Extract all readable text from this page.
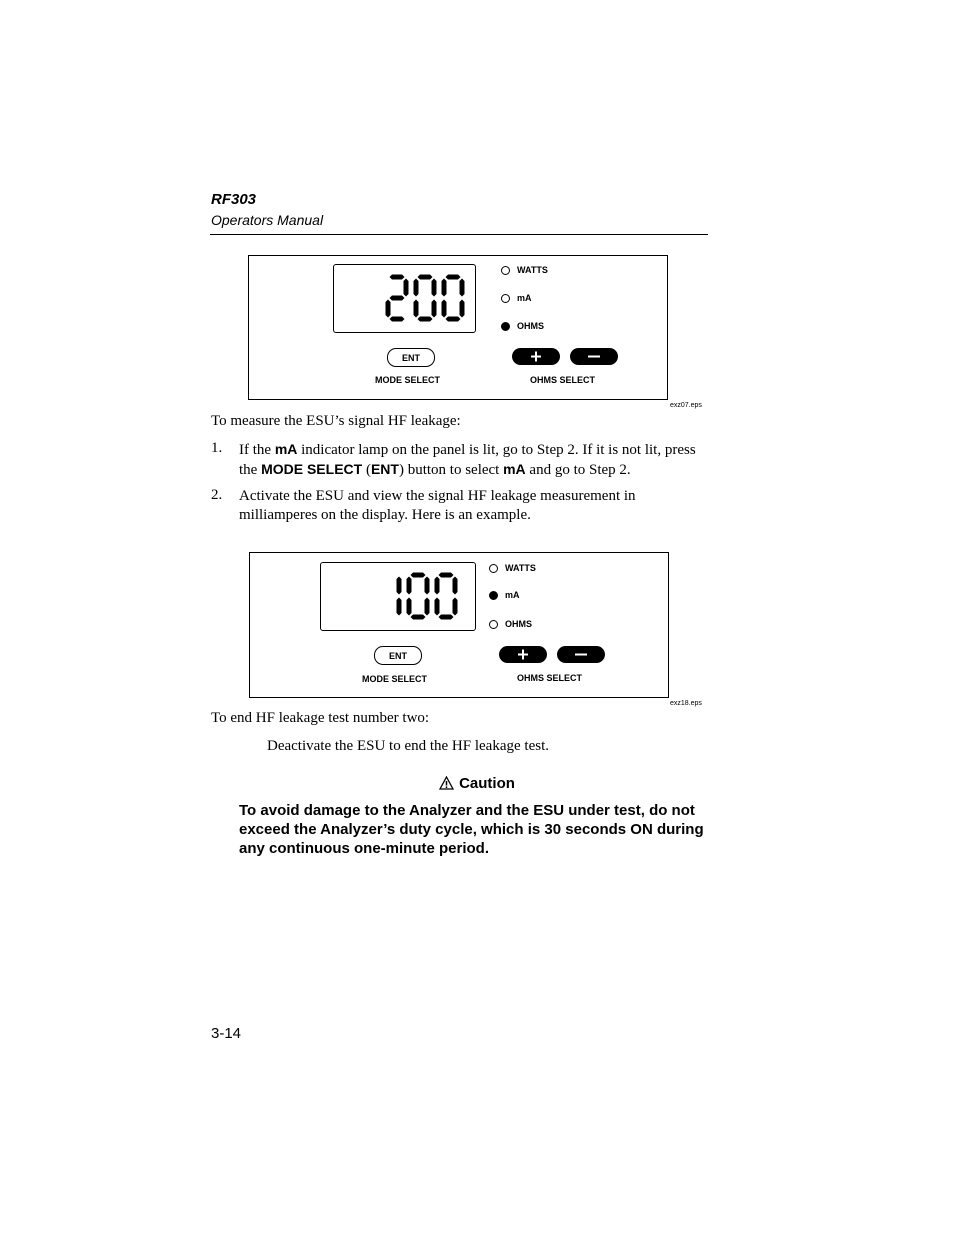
RF303
Operators Manual
WATTS
mA
OHMS
ENT
MODE SELECT	OHMS SELECT
exz07.eps
To measure the ESU’s signal HF leakage:
1. If the mA indicator lamp on the panel is lit, go to Step 2. If it is not lit, press the MODE SELECT (ENT) button to select mA and go to Step 2.
2. Activate the ESU and view the signal HF leakage measurement in milliamperes on the display. Here is an example.
WATTS
mA
OHMS
ENT
MODE SELECT	OHMS SELECT
exz18.eps
To end HF leakage test number two:
Deactivate the ESU to end the HF leakage test.
Caution
To avoid damage to the Analyzer and the ESU under test, do not exceed the Analyzer’s duty cycle, which is 30 seconds ON during any continuous one-minute period.
3-14
